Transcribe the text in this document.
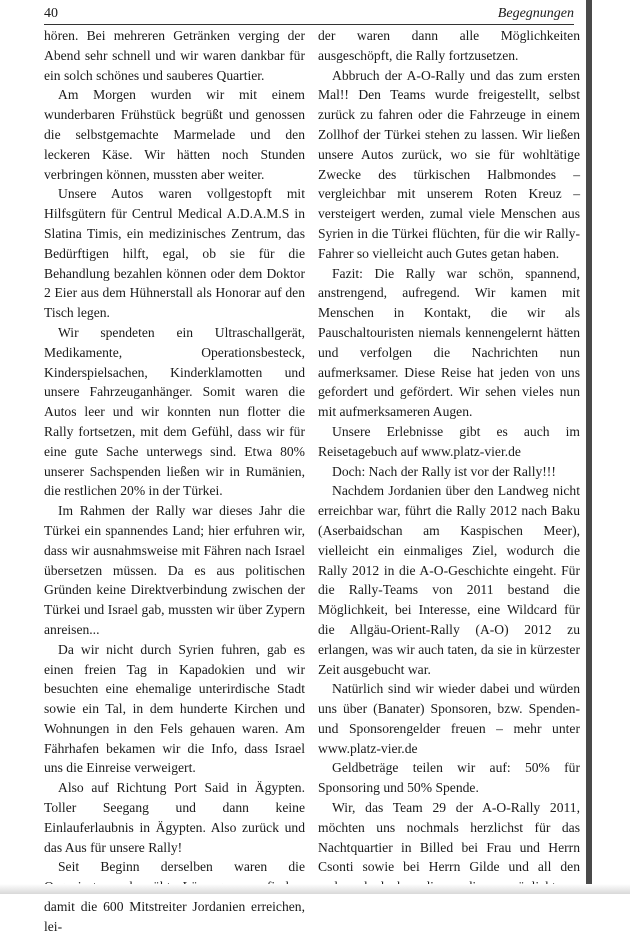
40	Begegnungen

hören. Bei mehreren Getränken verging der Abend sehr schnell und wir waren dankbar für ein solch schönes und sauberes Quartier.

Am Morgen wurden wir mit einem wunderbaren Frühstück begrüßt und genossen die selbstgemachte Marmelade und den leckeren Käse. Wir hätten noch Stunden verbringen können, mussten aber weiter.

Unsere Autos waren vollgestopft mit Hilfsgütern für Centrul Medical A.D.A.M.S in Slatina Timis, ein medizinisches Zentrum, das Bedürftigen hilft, egal, ob sie für die Behandlung bezahlen können oder dem Doktor 2 Eier aus dem Hühnerstall als Honorar auf den Tisch legen.

Wir spendeten ein Ultraschallgerät, Medikamente, Operationsbesteck, Kinderspielsachen, Kinderklamotten und unsere Fahrzeuganhänger. Somit waren die Autos leer und wir konnten nun flotter die Rally fortsetzen, mit dem Gefühl, dass wir für eine gute Sache unterwegs sind. Etwa 80% unserer Sachspenden ließen wir in Rumänien, die restlichen 20% in der Türkei.

Im Rahmen der Rally war dieses Jahr die Türkei ein spannendes Land; hier erfuhren wir, dass wir ausnahmsweise mit Fähren nach Israel übersetzen müssen. Da es aus politischen Gründen keine Direktverbindung zwischen der Türkei und Israel gab, mussten wir über Zypern anreisen...

Da wir nicht durch Syrien fuhren, gab es einen freien Tag in Kapadokien und wir besuchten eine ehemalige unterirdische Stadt sowie ein Tal, in dem hunderte Kirchen und Wohnungen in den Fels gehauen waren. Am Fährhafen bekamen wir die Info, dass Israel uns die Einreise verweigert.

Also auf Richtung Port Said in Ägypten. Toller Seegang und dann keine Einlauferlaubnis in Ägypten. Also zurück und das Aus für unsere Rally!

Seit Beginn derselben waren die damit die 600 Mitstreiter Jordanien erreichen, lei-

der waren dann alle Möglichkeiten ausgeschöpft, die Rally fortzusetzen.

Abbruch der A-O-Rally und das zum ersten Mal!! Den Teams wurde freigestellt, selbst zurück zu fahren oder die Fahrzeuge in einem Zollhof der Türkei stehen zu lassen. Wir ließen unsere Autos zurück, wo sie für wohltätige Zwecke des türkischen Halbmondes – vergleichbar mit unserem Roten Kreuz – versteigert werden, zumal viele Menschen aus Syrien in die Türkei flüchten, für die wir Rally-Fahrer so vielleicht auch Gutes getan haben.

Fazit: Die Rally war schön, spannend, anstrengend, aufregend. Wir kamen mit Menschen in Kontakt, die wir als Pauschaltouristen niemals kennengelernt hätten und verfolgen die Nachrichten nun aufmerksamer. Diese Reise hat jeden von uns gefordert und gefördert. Wir sehen vieles nun mit aufmerksameren Augen.

Unsere Erlebnisse gibt es auch im Reisetagebuch auf www.platz-vier.de

Doch: Nach der Rally ist vor der Rally!!!

Nachdem Jordanien über den Landweg nicht erreichbar war, führt die Rally 2012 nach Baku (Aserbaidschan am Kaspischen Meer), vielleicht ein einmaliges Ziel, wodurch die Rally 2012 in die A-O-Geschichte eingeht. Für die Rally-Teams von 2011 bestand die Möglichkeit, bei Interesse, eine Wildcard für die Allgäu-Orient-Rally (A-O) 2012 zu erlangen, was wir auch taten, da sie in kürzester Zeit ausgebucht war.

Natürlich sind wir wieder dabei und würden uns über (Banater) Sponsoren, bzw. Spenden- und Sponsorengelder freuen – mehr unter www.platz-vier.de

Geldbeträge teilen wir auf: 50% für Sponsoring und 50% Spende.

Wir, das Team 29 der A-O-Rally 2011, möchten uns nochmals herzlichst für das Nachtquartier in Billed bei Frau und Herrn Csonti sowie bei Herrn Gilde und all den
